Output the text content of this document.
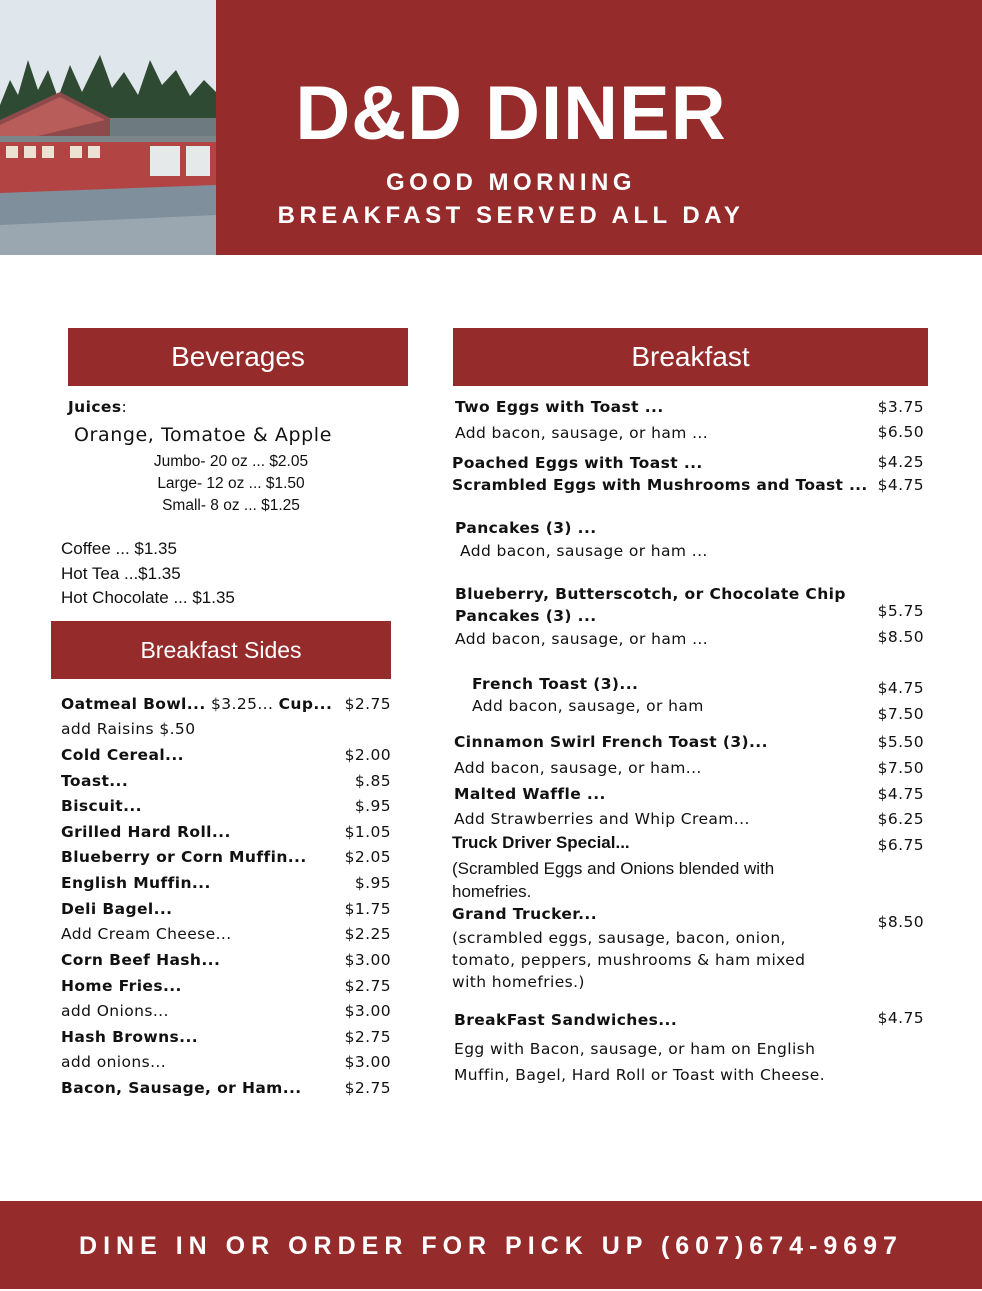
D&D DINER
GOOD MORNING
BREAKFAST SERVED ALL DAY
Beverages
Juices:
Orange, Tomatoe & Apple
Jumbo- 20 oz ... $2.05
Large- 12 oz ... $1.50
Small- 8 oz ... $1.25
Coffee ... $1.35
Hot Tea ...$1.35
Hot Chocolate ... $1.35
Breakfast Sides
Oatmeal Bowl... $3.25... Cup... $2.75
add Raisins $.50
Cold Cereal...	$2.00
Toast...	$.85
Biscuit...	$.95
Grilled Hard Roll...	$1.05
Blueberry or Corn Muffin...	$2.05
English Muffin...	$.95
Deli Bagel...	$1.75
Add Cream Cheese...	$2.25
Corn Beef Hash...	$3.00
Home Fries...	$2.75
add Onions...	$3.00
Hash Browns...	$2.75
add onions...	$3.00
Bacon, Sausage, or Ham...	$2.75
Breakfast
Two Eggs with Toast ...	$3.75
Add bacon, sausage, or ham ...	$6.50
Poached Eggs with Toast ...	$4.25
Scrambled Eggs with Mushrooms and Toast ... $4.75
Pancakes (3) ...
Add bacon, sausage or ham ...
Blueberry, Butterscotch, or Chocolate Chip
Pancakes (3) ...	$5.75
Add bacon, sausage, or ham ...	$8.50
French Toast (3)...	$4.75
Add bacon, sausage, or ham	$7.50
Cinnamon Swirl French Toast (3)...	$5.50
Add bacon, sausage, or ham...	$7.50
Malted Waffle ...	$4.75
Add Strawberries and Whip Cream...	$6.25
Truck Driver Special...	$6.75
(Scrambled Eggs and Onions blended with homefries.
Grand Trucker...	$8.50
(scrambled eggs, sausage, bacon, onion, tomato, peppers, mushrooms & ham mixed with homefries.)
BreakFast Sandwiches...	$4.75
Egg with Bacon, sausage, or ham on English Muffin, Bagel, Hard Roll or Toast with Cheese.
DINE IN OR ORDER FOR PICK UP (607)674-9697
